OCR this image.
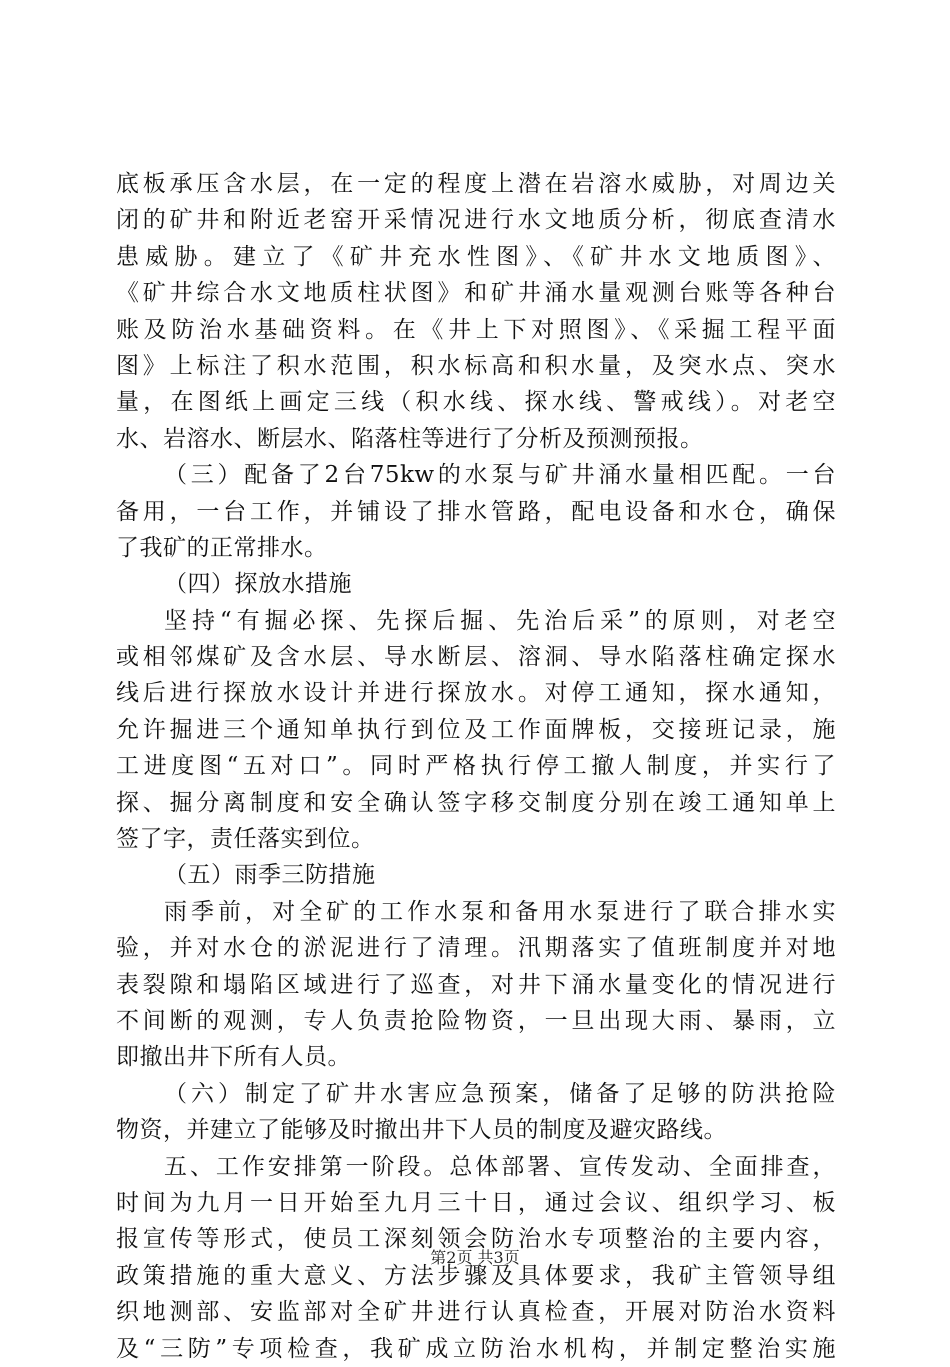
底板承压含水层，在一定的程度上潜在岩溶水威胁，对周边关
闭的矿井和附近老窑开采情况进行水文地质分析，彻底查清水
患威胁。建立了《矿井充水性图》、《矿井水文地质图》、
《矿井综合水文地质柱状图》和矿井涌水量观测台账等各种台
账及防治水基础资料。在《井上下对照图》、《采掘工程平面
图》上标注了积水范围，积水标高和积水量，及突水点、突水
量，在图纸上画定三线（积水线、探水线、警戒线）。对老空
水、岩溶水、断层水、陷落柱等进行了分析及预测预报。
（三）配备了2台75kw的水泵与矿井涌水量相匹配。一台
备用，一台工作，并铺设了排水管路，配电设备和水仓，确保
了我矿的正常排水。
（四）探放水措施
坚持“有掘必探、先探后掘、先治后采”的原则，对老空
或相邻煤矿及含水层、导水断层、溶洞、导水陷落柱确定探水
线后进行探放水设计并进行探放水。对停工通知，探水通知，
允许掘进三个通知单执行到位及工作面牌板，交接班记录，施
工进度图“五对口”。同时严格执行停工撤人制度，并实行了
探、掘分离制度和安全确认签字移交制度分别在竣工通知单上
签了字，责任落实到位。
（五）雨季三防措施
雨季前，对全矿的工作水泵和备用水泵进行了联合排水实
验，并对水仓的淤泥进行了清理。汛期落实了值班制度并对地
表裂隙和塌陷区域进行了巡查，对井下涌水量变化的情况进行
不间断的观测，专人负责抢险物资，一旦出现大雨、暴雨，立
即撤出井下所有人员。
（六）制定了矿井水害应急预案，储备了足够的防洪抢险
物资，并建立了能够及时撤出井下人员的制度及避灾路线。
五、工作安排第一阶段。总体部署、宣传发动、全面排查，
时间为九月一日开始至九月三十日，通过会议、组织学习、板
报宣传等形式，使员工深刻领会防治水专项整治的主要内容，
政策措施的重大意义、方法步骤及具体要求，我矿主管领导组
织地测部、安监部对全矿井进行认真检查，开展对防治水资料
及“三防”专项检查，我矿成立防治水机构，并制定整治实施
第2页 共3页
